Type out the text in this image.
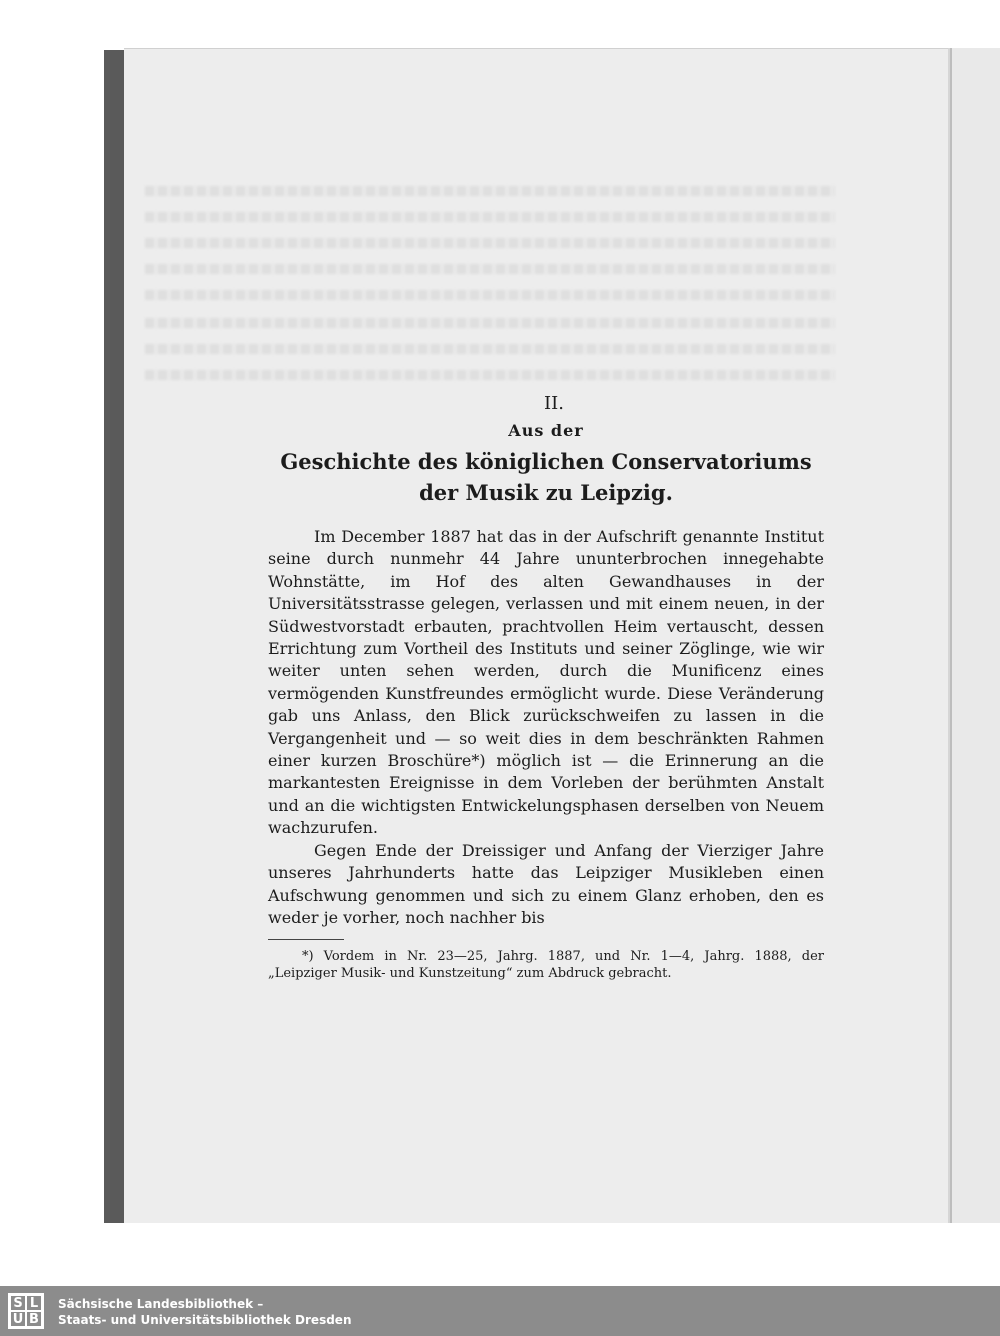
II.
Aus der
Geschichte des königlichen Conservatoriums
der Musik zu Leipzig.

Im December 1887 hat das in der Aufschrift genannte Institut seine durch nunmehr 44 Jahre ununterbrochen innegehabte Wohnstätte, im Hof des alten Gewandhauses in der Universitätsstrasse gelegen, verlassen und mit einem neuen, in der Südwestvorstadt erbauten, prachtvollen Heim vertauscht, dessen Errichtung zum Vortheil des Instituts und seiner Zöglinge, wie wir weiter unten sehen werden, durch die Munificenz eines vermögenden Kunstfreundes ermöglicht wurde. Diese Veränderung gab uns Anlass, den Blick zurückschweifen zu lassen in die Vergangenheit und — so weit dies in dem beschränkten Rahmen einer kurzen Broschüre*) möglich ist — die Erinnerung an die markantesten Ereignisse in dem Vorleben der berühmten Anstalt und an die wichtigsten Entwickelungsphasen derselben von Neuem wachzurufen.

Gegen Ende der Dreissiger und Anfang der Vierziger Jahre unseres Jahrhunderts hatte das Leipziger Musikleben einen Aufschwung genommen und sich zu einem Glanz erhoben, den es weder je vorher, noch nachher bis

*) Vordem in Nr. 23—25, Jahrg. 1887, und Nr. 1—4, Jahrg. 1888, der „Leipziger Musik- und Kunstzeitung“ zum Abdruck gebracht.

S L
U B
Sächsische Landesbibliothek –
Staats- und Universitätsbibliothek Dresden
